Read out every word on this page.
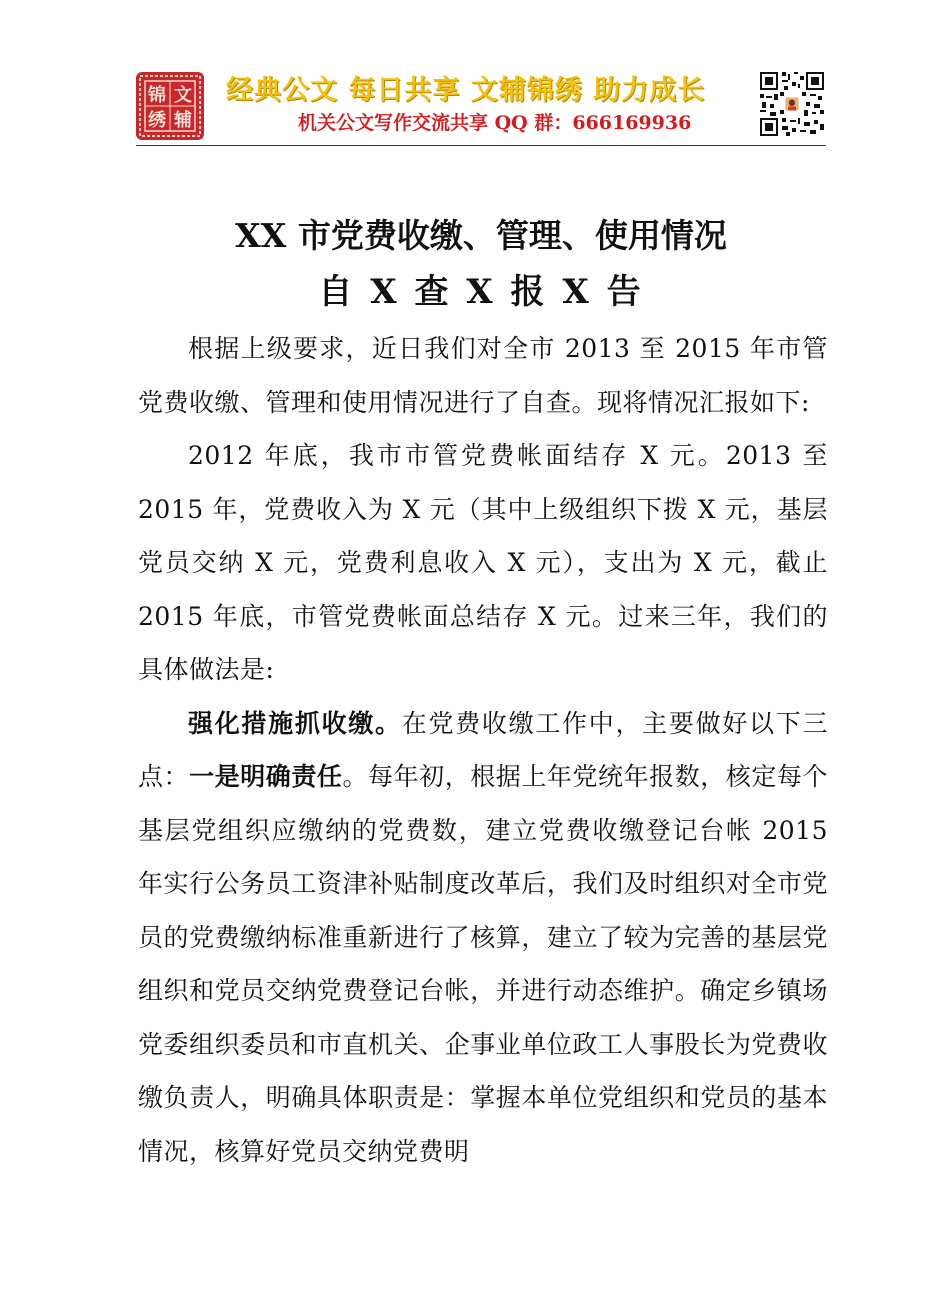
锦 文
绣 辅
经典公文 每日共享 文辅锦绣 助力成长
机关公文写作交流共享 QQ 群：666169936
XX 市党费收缴、管理、使用情况
自 X 查 X 报 X 告

根据上级要求，近日我们对全市 2013 至 2015 年市管党费收缴、管理和使用情况进行了自查。现将情况汇报如下:

2012 年底，我市市管党费帐面结存 X 元。2013 至 2015 年，党费收入为 X 元（其中上级组织下拨 X 元，基层党员交纳 X 元，党费利息收入 X 元），支出为 X 元，截止 2015 年底，市管党费帐面总结存 X 元。过来三年，我们的具体做法是:

强化措施抓收缴。在党费收缴工作中，主要做好以下三点：一是明确责任。每年初，根据上年党统年报数，核定每个基层党组织应缴纳的党费数，建立党费收缴登记台帐 2015 年实行公务员工资津补贴制度改革后，我们及时组织对全市党员的党费缴纳标准重新进行了核算，建立了较为完善的基层党组织和党员交纳党费登记台帐，并进行动态维护。确定乡镇场党委组织委员和市直机关、企事业单位政工人事股长为党费收缴负责人，明确具体职责是：掌握本单位党组织和党员的基本情况，核算好党员交纳党费明
